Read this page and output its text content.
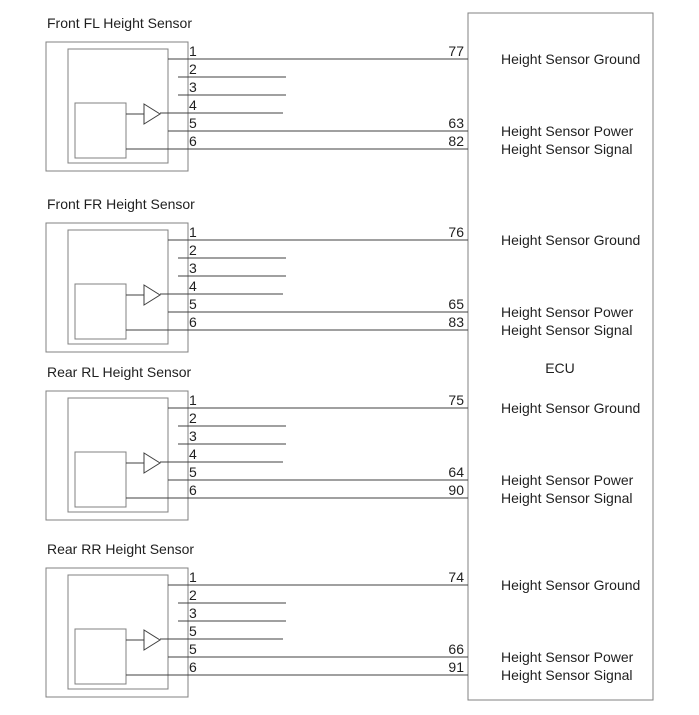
ECU
Front FL Height Sensor
1	77	Height Sensor Ground
2
3
4
5	63	Height Sensor Power
6	82	Height Sensor Signal
Front FR Height Sensor
1	76	Height Sensor Ground
2
3
4
5	65	Height Sensor Power
6	83	Height Sensor Signal
Rear RL Height Sensor
1	75	Height Sensor Ground
2
3
4
5	64	Height Sensor Power
6	90	Height Sensor Signal
Rear RR Height Sensor
1	74	Height Sensor Ground
2
3
5
5	66	Height Sensor Power
6	91	Height Sensor Signal
